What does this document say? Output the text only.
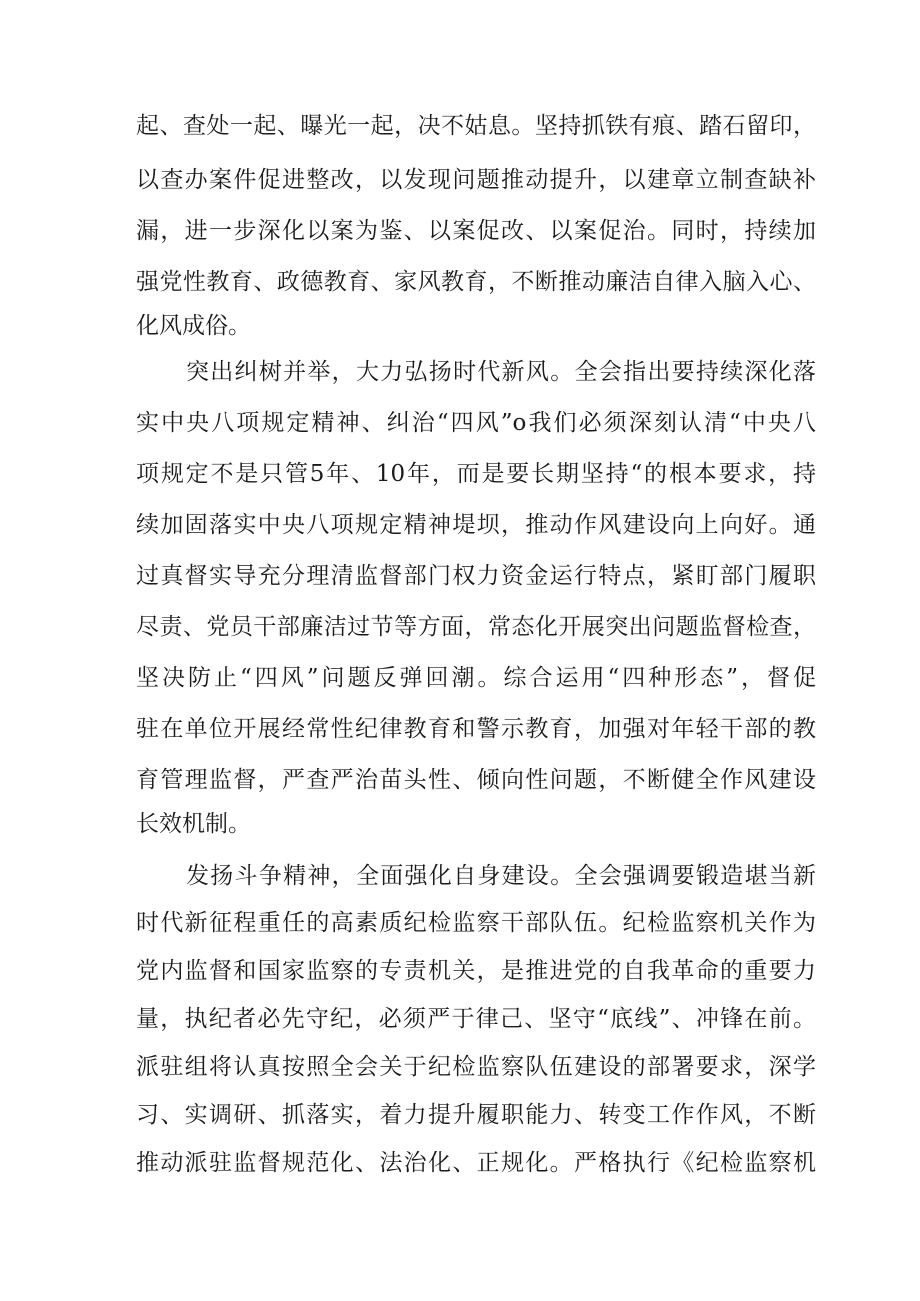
起、查处一起、曝光一起，决不姑息。坚持抓铁有痕、踏石留印，
以查办案件促进整改，以发现问题推动提升，以建章立制查缺补
漏，进一步深化以案为鉴、以案促改、以案促治。同时，持续加
强党性教育、政德教育、家风教育，不断推动廉洁自律入脑入心、
化风成俗。
突出纠树并举，大力弘扬时代新风。全会指出要持续深化落
实中央八项规定精神、纠治“四风”o我们必须深刻认清“中央八
项规定不是只管5年、10年，而是要长期坚持“的根本要求，持
续加固落实中央八项规定精神堤坝，推动作风建设向上向好。通
过真督实导充分理清监督部门权力资金运行特点，紧盯部门履职
尽责、党员干部廉洁过节等方面，常态化开展突出问题监督检查，
坚决防止“四风”问题反弹回潮。综合运用“四种形态”，督促
驻在单位开展经常性纪律教育和警示教育，加强对年轻干部的教
育管理监督，严查严治苗头性、倾向性问题，不断健全作风建设
长效机制。
发扬斗争精神，全面强化自身建设。全会强调要锻造堪当新
时代新征程重任的高素质纪检监察干部队伍。纪检监察机关作为
党内监督和国家监察的专责机关，是推进党的自我革命的重要力
量，执纪者必先守纪，必须严于律己、坚守“底线”、冲锋在前。
派驻组将认真按照全会关于纪检监察队伍建设的部署要求，深学
习、实调研、抓落实，着力提升履职能力、转变工作作风，不断
推动派驻监督规范化、法治化、正规化。严格执行《纪检监察机
